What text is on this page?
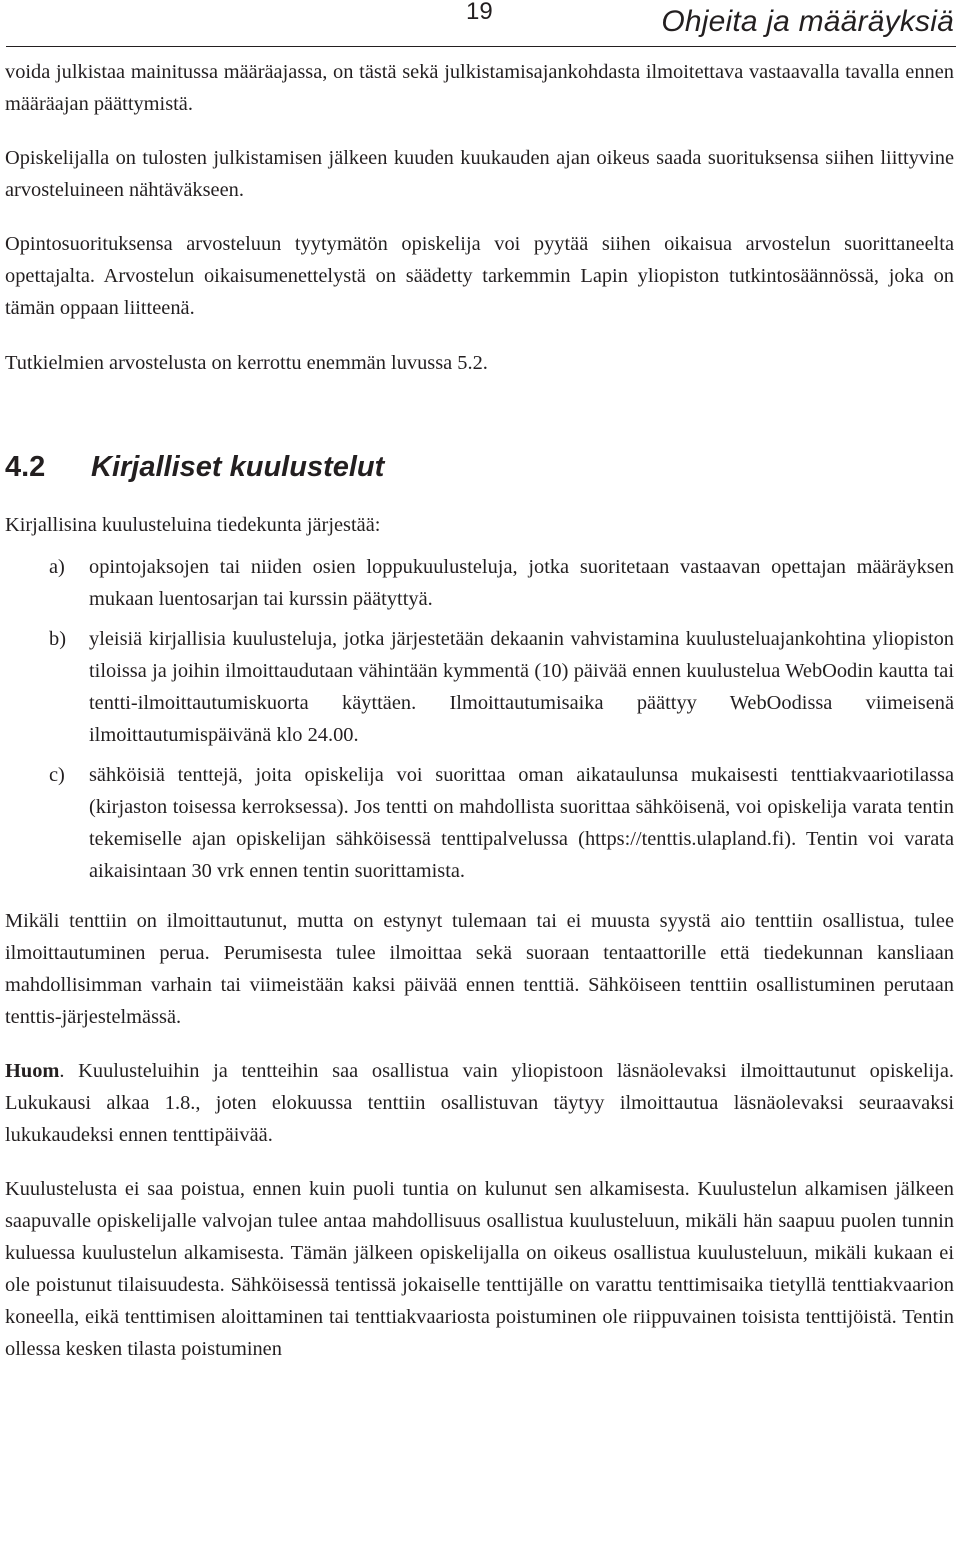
19	Ohjeita ja määräyksiä

voida julkistaa mainitussa määräajassa, on tästä sekä julkistamisajankohdasta ilmoitettava vastaavalla tavalla ennen määräajan päättymistä.

Opiskelijalla on tulosten julkistamisen jälkeen kuuden kuukauden ajan oikeus saada suorituksensa siihen liittyvine arvosteluineen nähtäväkseen.

Opintosuorituksensa arvosteluun tyytymätön opiskelija voi pyytää siihen oikaisua arvostelun suorittaneelta opettajalta. Arvostelun oikaisumenettelystä on säädetty tarkemmin Lapin yliopiston tutkintosäännössä, joka on tämän oppaan liitteenä.

Tutkielmien arvostelusta on kerrottu enemmän luvussa 5.2.

4.2 Kirjalliset kuulustelut

Kirjallisina kuulusteluina tiedekunta järjestää:

a) opintojaksojen tai niiden osien loppukuulusteluja, jotka suoritetaan vastaavan opettajan määräyksen mukaan luentosarjan tai kurssin päätyttyä.
b) yleisiä kirjallisia kuulusteluja, jotka järjestetään dekaanin vahvistamina kuulusteluajankohtina yliopiston tiloissa ja joihin ilmoittaudutaan vähintään kymmentä (10) päivää ennen kuulustelua WebOodin kautta tai tentti-ilmoittautumiskuorta käyttäen. Ilmoittautumisaika päättyy WebOodissa viimeisenä ilmoittautumispäivänä klo 24.00.
c) sähköisiä tenttejä, joita opiskelija voi suorittaa oman aikataulunsa mukaisesti tenttiakvaariotilassa (kirjaston toisessa kerroksessa). Jos tentti on mahdollista suorittaa sähköisenä, voi opiskelija varata tentin tekemiselle ajan opiskelijan sähköisessä tenttipalvelussa (https://tenttis.ulapland.fi). Tentin voi varata aikaisintaan 30 vrk ennen tentin suorittamista.

Mikäli tenttiin on ilmoittautunut, mutta on estynyt tulemaan tai ei muusta syystä aio tenttiin osallistua, tulee ilmoittautuminen perua. Perumisesta tulee ilmoittaa sekä suoraan tentaattorille että tiedekunnan kansliaan mahdollisimman varhain tai viimeistään kaksi päivää ennen tenttiä. Sähköiseen tenttiin osallistuminen perutaan tenttis-järjestelmässä.

Huom. Kuulusteluihin ja tentteihin saa osallistua vain yliopistoon läsnäolevaksi ilmoittautunut opiskelija. Lukukausi alkaa 1.8., joten elokuussa tenttiin osallistuvan täytyy ilmoittautua läsnäolevaksi seuraavaksi lukukaudeksi ennen tenttipäivää.

Kuulustelusta ei saa poistua, ennen kuin puoli tuntia on kulunut sen alkamisesta. Kuulustelun alkamisen jälkeen saapuvalle opiskelijalle valvojan tulee antaa mahdollisuus osallistua kuulusteluun, mikäli hän saapuu puolen tunnin kuluessa kuulustelun alkamisesta. Tämän jälkeen opiskelijalla on oikeus osallistua kuulusteluun, mikäli kukaan ei ole poistunut tilaisuudesta. Sähköisessä tentissä jokaiselle tenttijälle on varattu tenttimisaika tietyllä tenttiakvaarion koneella, eikä tenttimisen aloittaminen tai tenttiakvaariosta poistuminen ole riippuvainen toisista tenttijöistä. Tentin ollessa kesken tilasta poistuminen
